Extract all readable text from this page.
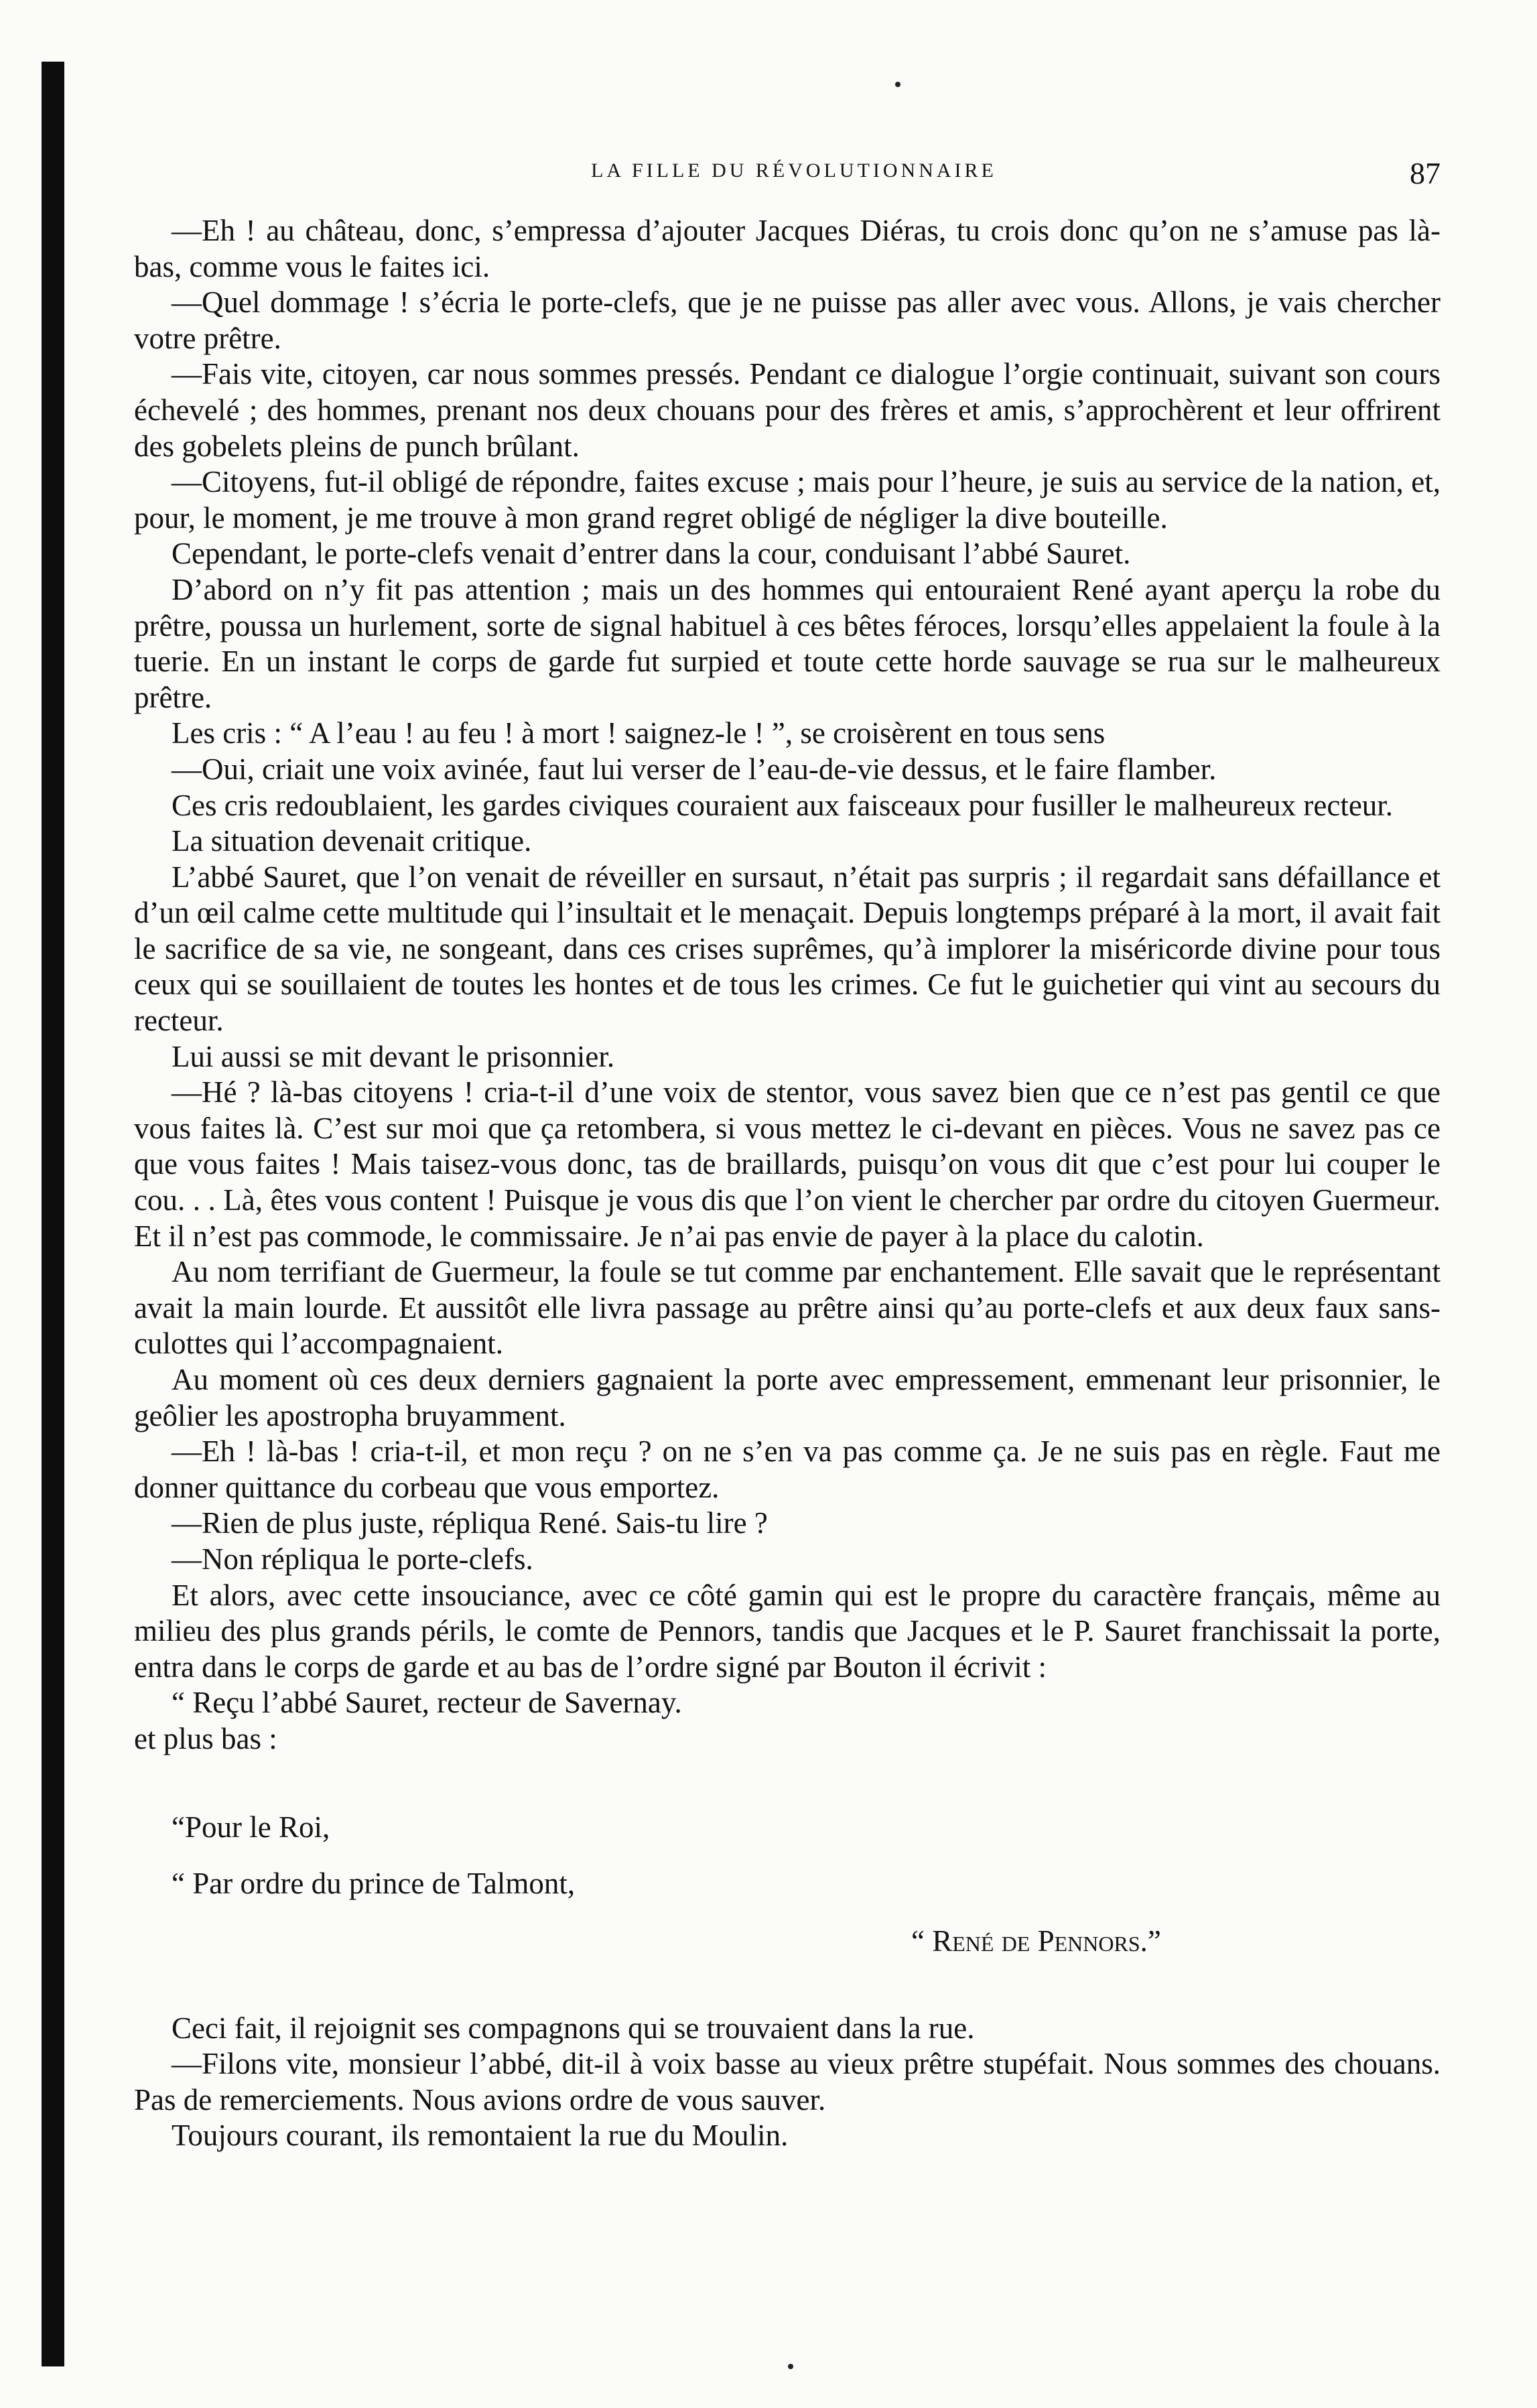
LA FILLE DU RÉVOLUTIONNAIRE	87

—Eh ! au château, donc, s’empressa d’ajouter Jacques Diéras, tu crois donc qu’on ne s’amuse pas là-bas, comme vous le faites ici.

—Quel dommage ! s’écria le porte-clefs, que je ne puisse pas aller avec vous. Allons, je vais chercher votre prêtre.

—Fais vite, citoyen, car nous sommes pressés. Pendant ce dialogue l’orgie continuait, suivant son cours échevelé ; des hommes, prenant nos deux chouans pour des frères et amis, s’approchèrent et leur offrirent des gobelets pleins de punch brûlant.

—Citoyens, fut-il obligé de répondre, faites excuse ; mais pour l’heure, je suis au service de la nation, et, pour, le moment, je me trouve à mon grand regret obligé de négliger la dive bouteille.

Cependant, le porte-clefs venait d’entrer dans la cour, conduisant l’abbé Sauret.

D’abord on n’y fit pas attention ; mais un des hommes qui entouraient René ayant aperçu la robe du prêtre, poussa un hurlement, sorte de signal habituel à ces bêtes féroces, lorsqu’elles appelaient la foule à la tuerie. En un instant le corps de garde fut surpied et toute cette horde sauvage se rua sur le malheureux prêtre.

Les cris : “ A l’eau ! au feu ! à mort ! saignez-le ! ”, se croisèrent en tous sens

—Oui, criait une voix avinée, faut lui verser de l’eau-de-vie dessus, et le faire flamber.

Ces cris redoublaient, les gardes civiques couraient aux faisceaux pour fusiller le malheureux recteur.

La situation devenait critique.

L’abbé Sauret, que l’on venait de réveiller en sursaut, n’était pas surpris ; il regardait sans défaillance et d’un œil calme cette multitude qui l’insultait et le menaçait. Depuis longtemps préparé à la mort, il avait fait le sacrifice de sa vie, ne songeant, dans ces crises suprêmes, qu’à implorer la miséricorde divine pour tous ceux qui se souillaient de toutes les hontes et de tous les crimes. Ce fut le guichetier qui vint au secours du recteur.

Lui aussi se mit devant le prisonnier.

—Hé ? là-bas citoyens ! cria-t-il d’une voix de stentor, vous savez bien que ce n’est pas gentil ce que vous faites là. C’est sur moi que ça retombera, si vous mettez le ci-devant en pièces. Vous ne savez pas ce que vous faites ! Mais taisez-vous donc, tas de braillards, puisqu’on vous dit que c’est pour lui couper le cou. . . Là, êtes vous content ! Puisque je vous dis que l’on vient le chercher par ordre du citoyen Guermeur. Et il n’est pas commode, le commissaire. Je n’ai pas envie de payer à la place du calotin.

Au nom terrifiant de Guermeur, la foule se tut comme par enchantement. Elle savait que le représentant avait la main lourde. Et aussitôt elle livra passage au prêtre ainsi qu’au porte-clefs et aux deux faux sans-culottes qui l’accompagnaient.

Au moment où ces deux derniers gagnaient la porte avec empressement, emmenant leur prisonnier, le geôlier les apostropha bruyamment.

—Eh ! là-bas ! cria-t-il, et mon reçu ? on ne s’en va pas comme ça. Je ne suis pas en règle. Faut me donner quittance du corbeau que vous emportez.

—Rien de plus juste, répliqua René. Sais-tu lire ?

—Non répliqua le porte-clefs.

Et alors, avec cette insouciance, avec ce côté gamin qui est le propre du caractère français, même au milieu des plus grands périls, le comte de Pennors, tandis que Jacques et le P. Sauret franchissait la porte, entra dans le corps de garde et au bas de l’ordre signé par Bouton il écrivit :

“ Reçu l’abbé Sauret, recteur de Savernay.

et plus bas :

“Pour le Roi,
“ Par ordre du prince de Talmont,
“ René de Pennors.”

Ceci fait, il rejoignit ses compagnons qui se trouvaient dans la rue.

—Filons vite, monsieur l’abbé, dit-il à voix basse au vieux prêtre stupéfait. Nous sommes des chouans. Pas de remerciements. Nous avions ordre de vous sauver.

Toujours courant, ils remontaient la rue du Moulin.
